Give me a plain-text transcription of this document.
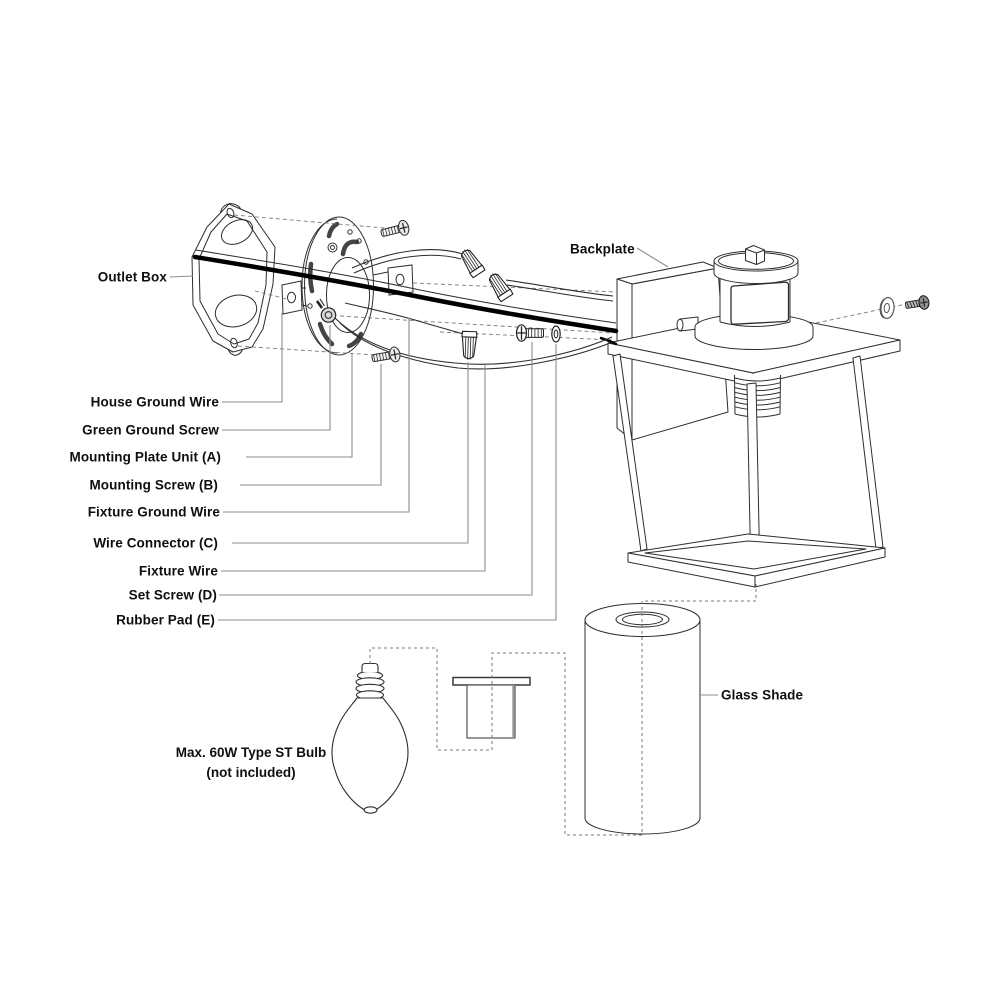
Outlet Box
House Ground Wire
Green Ground Screw
Mounting Plate Unit (A)
Mounting Screw (B)
Fixture Ground Wire
Wire Connector (C)
Fixture Wire
Set Screw (D)
Rubber Pad (E)
Backplate
Glass Shade
Max. 60W Type ST Bulb
(not included)
